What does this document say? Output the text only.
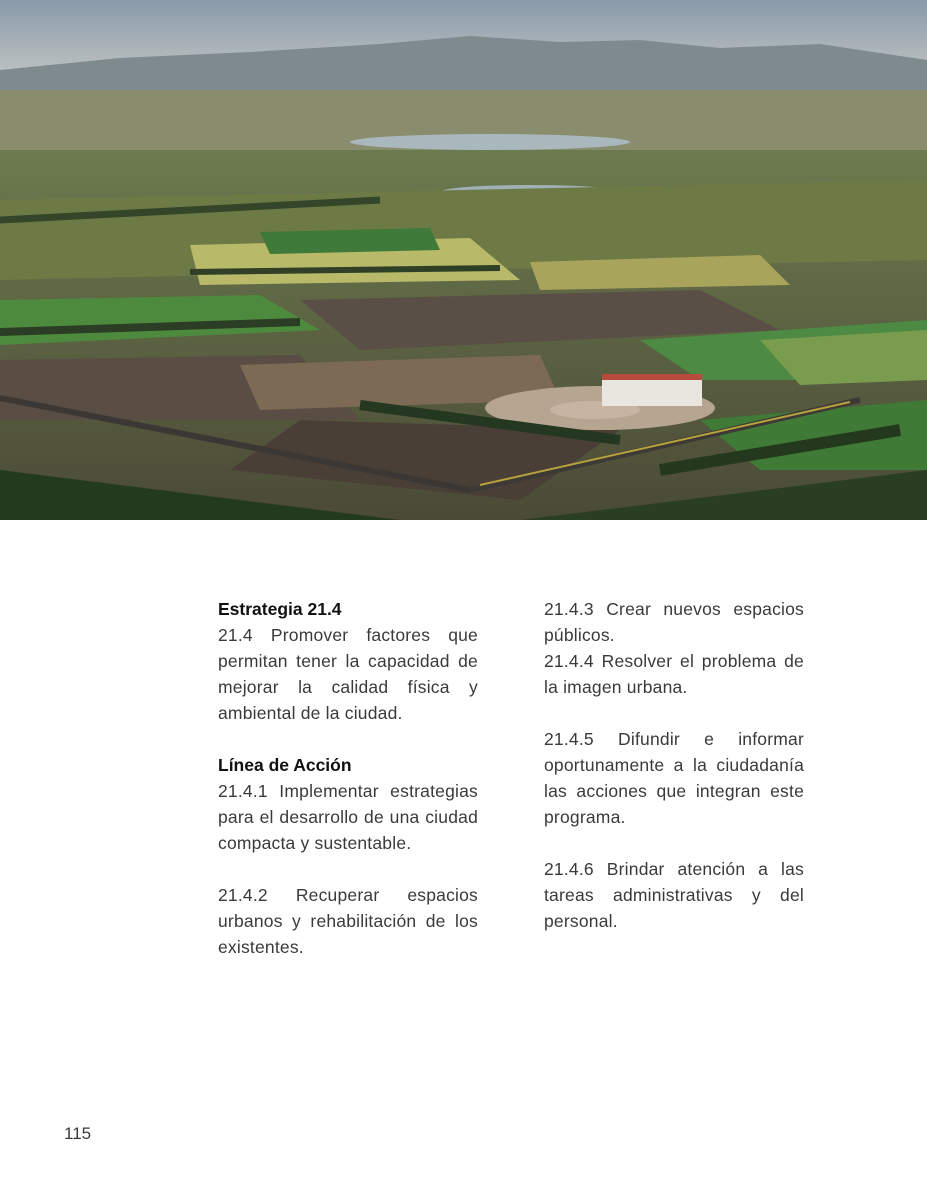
Estrategia 21.4

21.4 Promover factores que permitan tener la capacidad de mejorar la calidad física y ambiental de la ciudad.

Línea de Acción

21.4.1 Implementar estrategias para el desarrollo de una ciudad compacta y sustentable.

21.4.2 Recuperar espacios urbanos y rehabilitación de los existentes.

21.4.3 Crear nuevos espacios públicos.

21.4.4 Resolver el problema de la imagen urbana.

21.4.5 Difundir e informar oportunamente a la ciudadanía las acciones que integran este programa.

21.4.6 Brindar atención a las tareas administrativas y del personal.

115
